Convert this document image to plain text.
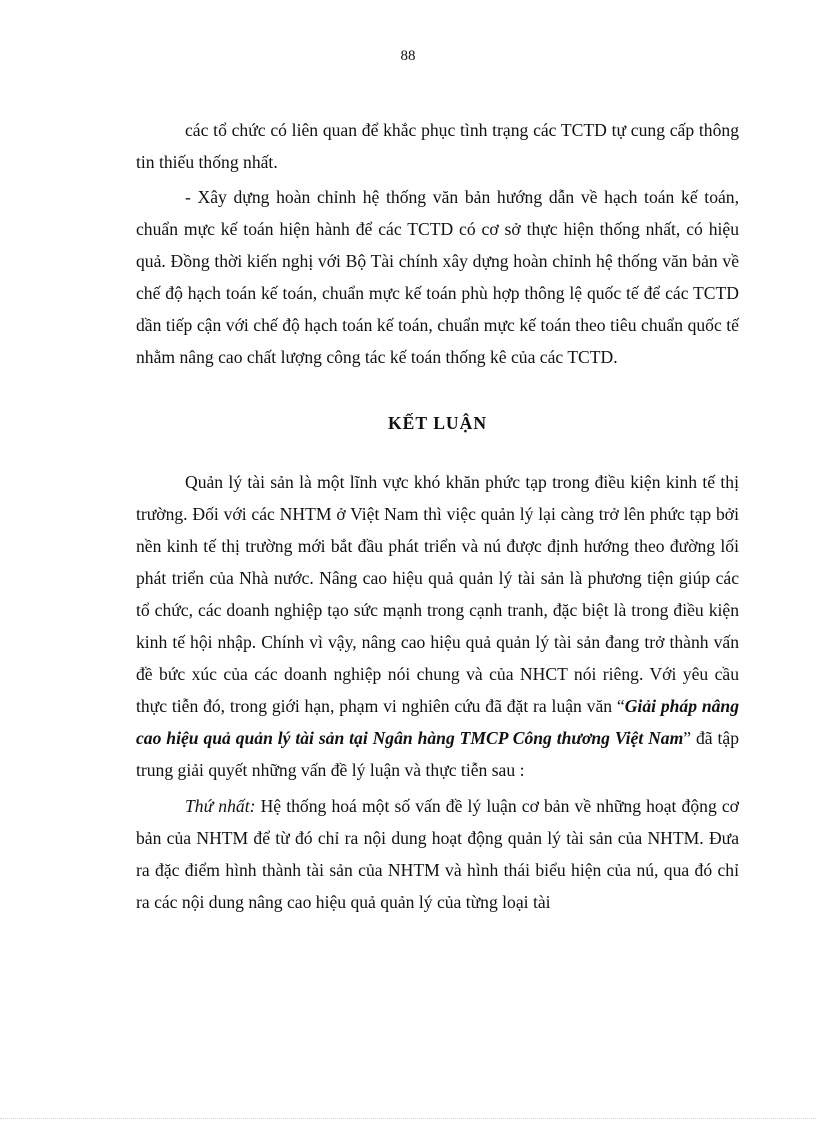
88

các tổ chức có liên quan để khắc phục tình trạng các TCTD tự cung cấp thông tin thiếu thống nhất.

- Xây dựng hoàn chỉnh hệ thống văn bản hướng dẫn về hạch toán kế toán, chuẩn mực kế toán hiện hành để các TCTD có cơ sở thực hiện thống nhất, có hiệu quả. Đồng thời kiến nghị với Bộ Tài chính xây dựng hoàn chỉnh hệ thống văn bản về chế độ hạch toán kế toán, chuẩn mực kế toán phù hợp thông lệ quốc tế để các TCTD dần tiếp cận với chế độ hạch toán kế toán, chuẩn mực kế toán theo tiêu chuẩn quốc tế nhằm nâng cao chất lượng công tác kế toán thống kê của các TCTD.

KẾT LUẬN

Quản lý tài sản là một lĩnh vực khó khăn phức tạp trong điều kiện kinh tế thị trường. Đối với các NHTM ở Việt Nam thì việc quản lý lại càng trở lên phức tạp bởi nền kinh tế thị trường mới bắt đầu phát triển và nú được định hướng theo đường lối phát triển của Nhà nước. Nâng cao hiệu quả quản lý tài sản là phương tiện giúp các tổ chức, các doanh nghiệp tạo sức mạnh trong cạnh tranh, đặc biệt là trong điều kiện kinh tế hội nhập. Chính vì vậy, nâng cao hiệu quả quản lý tài sản đang trở thành vấn đề bức xúc của các doanh nghiệp nói chung và của NHCT nói riêng. Với yêu cầu thực tiễn đó, trong giới hạn, phạm vi nghiên cứu đã đặt ra luận văn “Giải pháp nâng cao hiệu quả quản lý tài sản tại Ngân hàng TMCP Công thương Việt Nam” đã tập trung giải quyết những vấn đề lý luận và thực tiễn sau :

Thứ nhất: Hệ thống hoá một số vấn đề lý luận cơ bản về những hoạt động cơ bản của NHTM để từ đó chỉ ra nội dung hoạt động quản lý tài sản của NHTM. Đưa ra đặc điểm hình thành tài sản của NHTM và hình thái biểu hiện của nú, qua đó chỉ ra các nội dung nâng cao hiệu quả quản lý của từng loại tài
